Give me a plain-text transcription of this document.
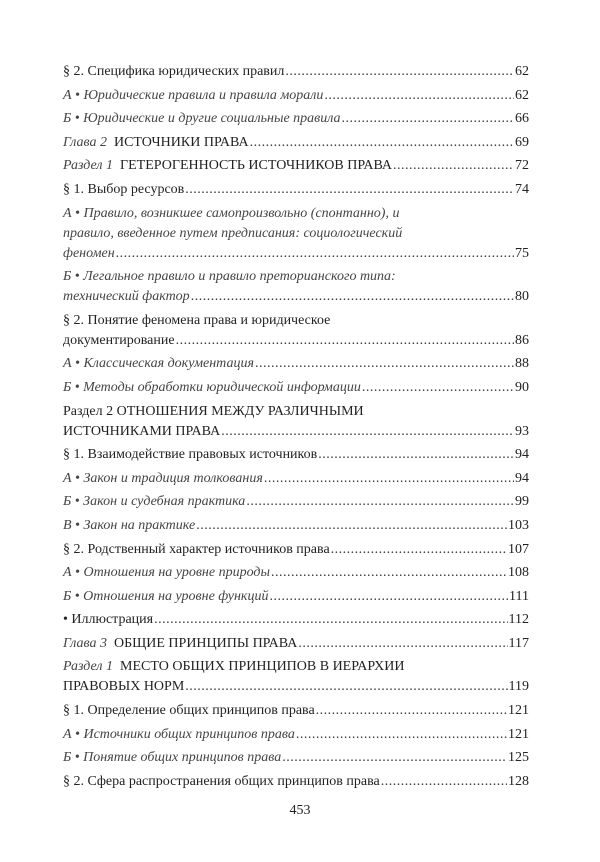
§ 2. Специфика юридических правил .....	62
А • Юридические правила и правила морали .....	62
Б • Юридические и другие социальные правила .....	66
Глава 2 ИСТОЧНИКИ ПРАВА .....	69
Раздел 1 ГЕТЕРОГЕННОСТЬ ИСТОЧНИКОВ ПРАВА .....	72
§ 1. Выбор ресурсов .....	74
А • Правило, возникшее самопроизвольно (спонтанно), и
правило, введенное путем предписания: социологический
феномен .....	75
Б • Легальное правило и правило преторианского типа:
технический фактор .....	80
§ 2. Понятие феномена права и юридическое
документирование .....	86
А • Классическая документация .....	88
Б • Методы обработки юридической информации .....	90
Раздел 2 ОТНОШЕНИЯ МЕЖДУ РАЗЛИЧНЫМИ
ИСТОЧНИКАМИ ПРАВА .....	93
§ 1. Взаимодействие правовых источников .....	94
А • Закон и традиция толкования .....	94
Б • Закон и судебная практика .....	99
В • Закон на практике .....	103
§ 2. Родственный характер источников права .....	107
А • Отношения на уровне природы .....	108
Б • Отношения на уровне функций .....	111
• Иллюстрация .....	112
Глава 3 ОБЩИЕ ПРИНЦИПЫ ПРАВА .....	117
Раздел 1 МЕСТО ОБЩИХ ПРИНЦИПОВ В ИЕРАРХИИ
ПРАВОВЫХ НОРМ .....	119
§ 1. Определение общих принципов права .....	121
А • Источники общих принципов права .....	121
Б • Понятие общих принципов права .....	125
§ 2. Сфера распространения общих принципов права .....	128
453
